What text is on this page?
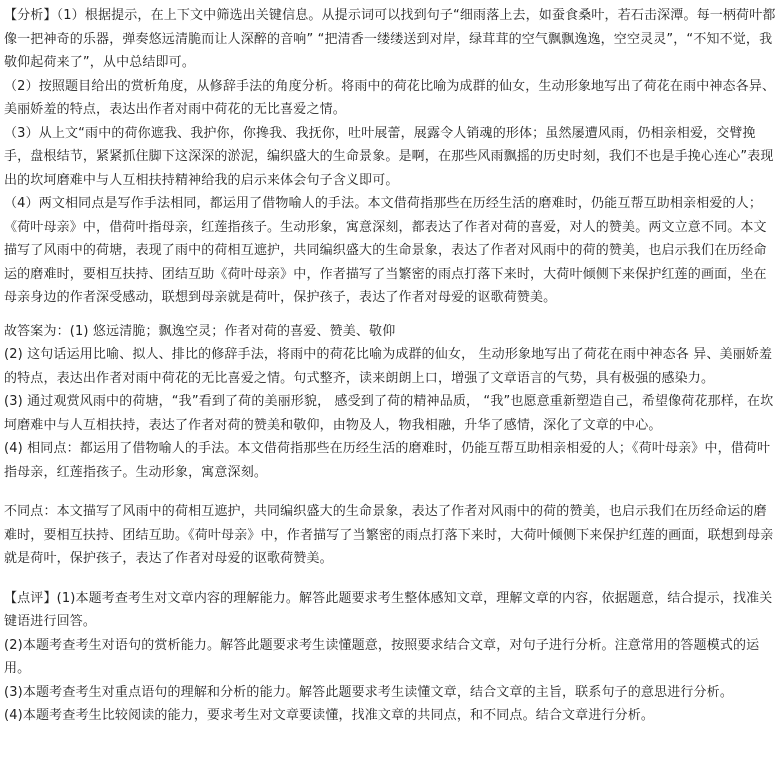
【分析】（1）根据提示，在上下文中筛选出关键信息。从提示词可以找到句子“细雨落上去，如蚕食桑叶，若石击深潭。每一柄荷叶都像一把神奇的乐器，弹奏悠远清脆而让人深醉的音响” “把清香一缕缕送到对岸，绿茸茸的空气飘飘逸逸，空空灵灵”，“不知不觉，我敬仰起荷来了”，从中总结即可。

（2）按照题目给出的赏析角度，从修辞手法的角度分析。将雨中的荷花比喻为成群的仙女，生动形象地写出了荷花在雨中神态各异、美丽娇羞的特点，表达出作者对雨中荷花的无比喜爱之情。

（3）从上文“雨中的荷你遮我、我护你，你搀我、我抚你，吐叶展蕾，展露令人销魂的形体；虽然屡遭风雨，仍相亲相爱，交臂挽手，盘根结节，紧紧抓住脚下这深深的淤泥，编织盛大的生命景象。是啊，在那些风雨飘摇的历史时刻，我们不也是手挽心连心”表现出的坎坷磨难中与人互相扶持精神给我的启示来体会句子含义即可。

（4）两文相同点是写作手法相同，都运用了借物喻人的手法。本文借荷指那些在历经生活的磨难时，仍能互帮互助相亲相爱的人；《荷叶母亲》中，借荷叶指母亲，红莲指孩子。生动形象，寓意深刻，都表达了作者对荷的喜爱，对人的赞美。两文立意不同。本文描写了风雨中的荷塘，表现了雨中的荷相互遮护，共同编织盛大的生命景象，表达了作者对风雨中的荷的赞美，也启示我们在历经命运的磨难时，要相互扶持、团结互助《荷叶母亲》中，作者描写了当繁密的雨点打落下来时，大荷叶倾侧下来保护红莲的画面，坐在母亲身边的作者深受感动，联想到母亲就是荷叶，保护孩子，表达了作者对母爱的讴歌荷赞美。

故答案为：(1) 悠远清脆；飘逸空灵；作者对荷的喜爱、赞美、敬仰

(2) 这句话运用比喻、拟人、排比的修辞手法，将雨中的荷花比喻为成群的仙女， 生动形象地写出了荷花在雨中神态各 异、美丽娇羞的特点，表达出作者对雨中荷花的无比喜爱之情。句式整齐，读来朗朗上口，增强了文章语言的气势，具有极强的感染力。

(3) 通过观赏风雨中的荷塘，“我”看到了荷的美丽形貌， 感受到了荷的精神品质， “我”也愿意重新塑造自己，希望像荷花那样，在坎坷磨难中与人互相扶持，表达了作者对荷的赞美和敬仰，由物及人，物我相融，升华了感情，深化了文章的中心。

(4) 相同点：都运用了借物喻人的手法。本文借荷指那些在历经生活的磨难时，仍能互帮互助相亲相爱的人；《荷叶母亲》中，借荷叶指母亲，红莲指孩子。生动形象，寓意深刻。

不同点：本文描写了风雨中的荷相互遮护，共同编织盛大的生命景象，表达了作者对风雨中的荷的赞美，也启示我们在历经命运的磨难时，要相互扶持、团结互助。《荷叶母亲》中，作者描写了当繁密的雨点打落下来时，大荷叶倾侧下来保护红莲的画面，联想到母亲就是荷叶，保护孩子，表达了作者对母爱的讴歌荷赞美。

【点评】(1)本题考查考生对文章内容的理解能力。解答此题要求考生整体感知文章，理解文章的内容，依据题意，结合提示，找准关键语进行回答。

(2)本题考查考生对语句的赏析能力。解答此题要求考生读懂题意，按照要求结合文章，对句子进行分析。注意常用的答题模式的运用。

(3)本题考查考生对重点语句的理解和分析的能力。解答此题要求考生读懂文章，结合文章的主旨，联系句子的意思进行分析。

(4)本题考查考生比较阅读的能力，要求考生对文章要读懂，找准文章的共同点，和不同点。结合文章进行分析。
